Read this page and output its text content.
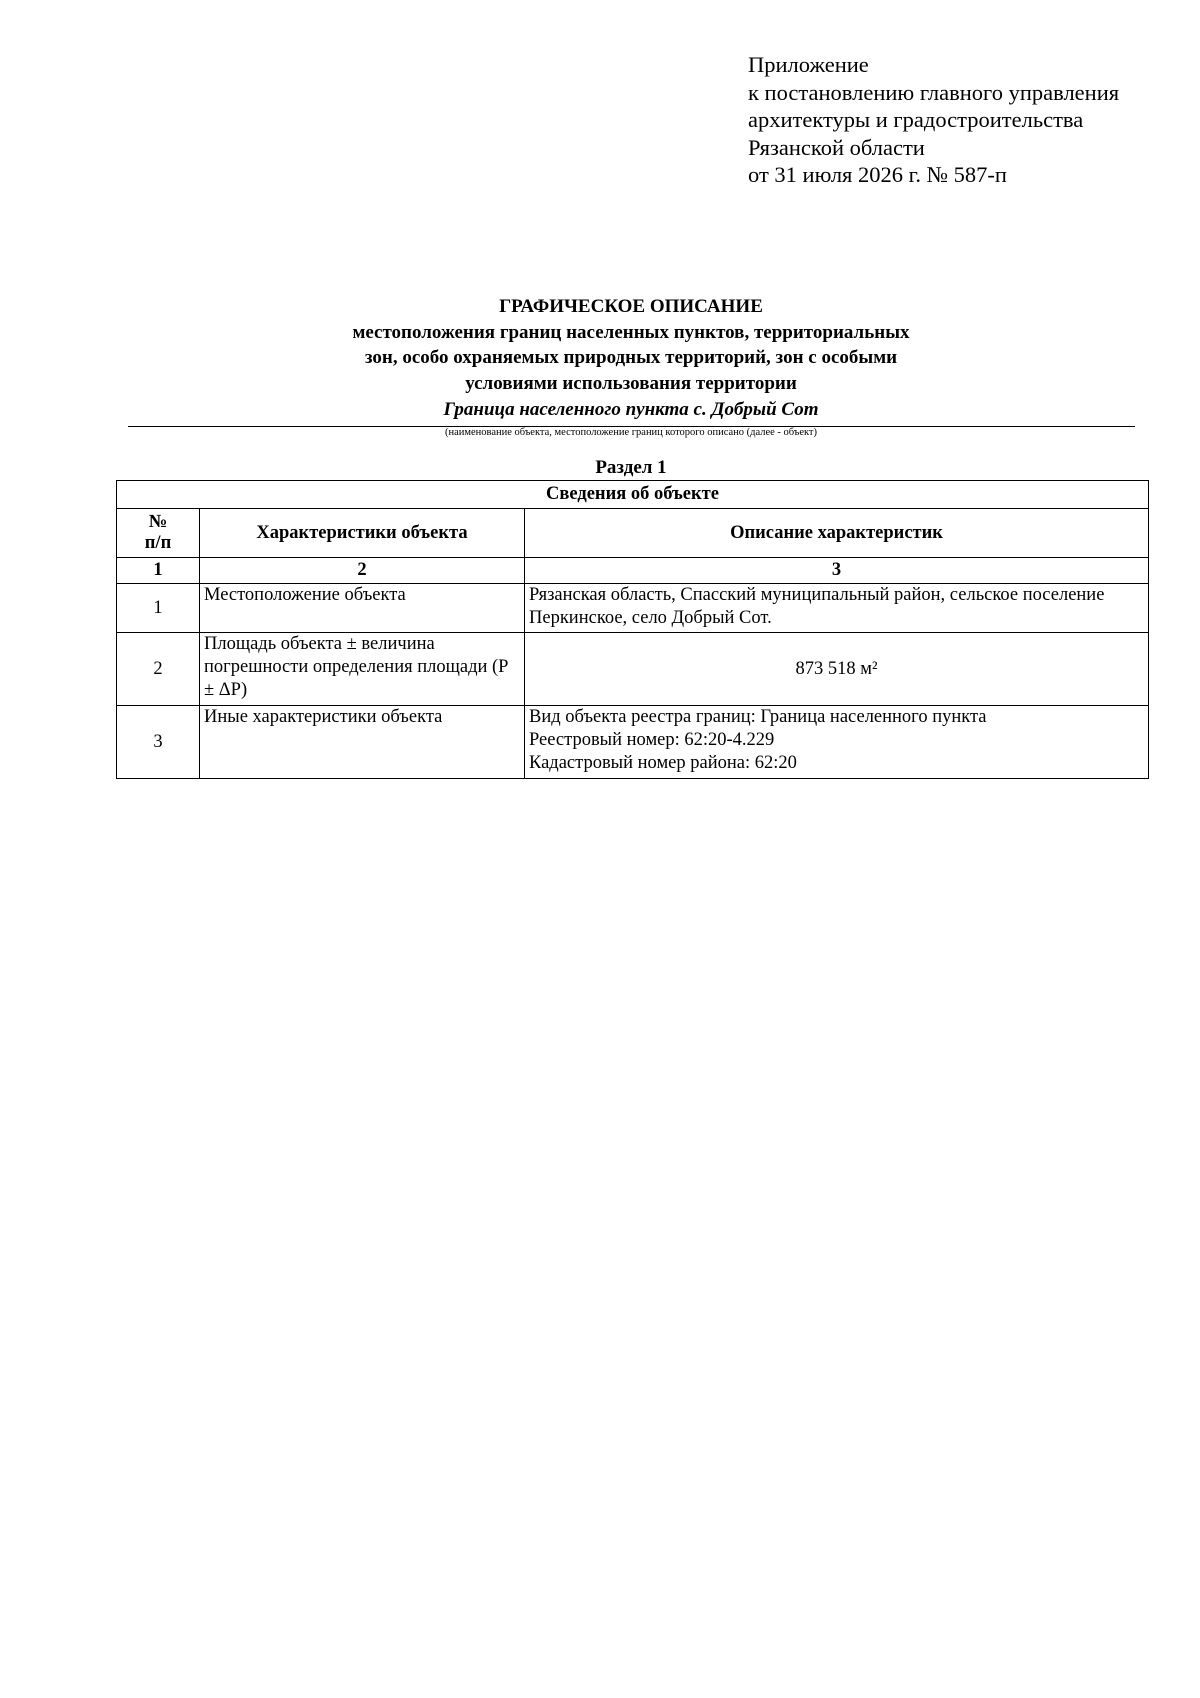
Приложение
к постановлению главного управления
архитектуры и градостроительства
Рязанской области
от 31 июля 2026 г. № 587-п
ГРАФИЧЕСКОЕ ОПИСАНИЕ
местоположения границ населенных пунктов, территориальных
зон, особо охраняемых природных территорий, зон с особыми
условиями использования территории
Граница населенного пункта с. Добрый Сот
(наименование объекта, местоположение границ которого описано (далее - объект)
Раздел 1
Сведения об объекте		
№
п/п	Характеристики объекта	Описание характеристик
1	2	3
1	Местоположение объекта	Рязанская область, Спасский муниципальный район, сельское поселение Перкинское, село Добрый Сот.
2	Площадь объекта ± величина погрешности определения площади (Р ± ΔР)	873 518 м²
3	Иные характеристики объекта	Вид объекта реестра границ: Граница населенного пункта
Реестровый номер: 62:20-4.229
Кадастровый номер района: 62:20
